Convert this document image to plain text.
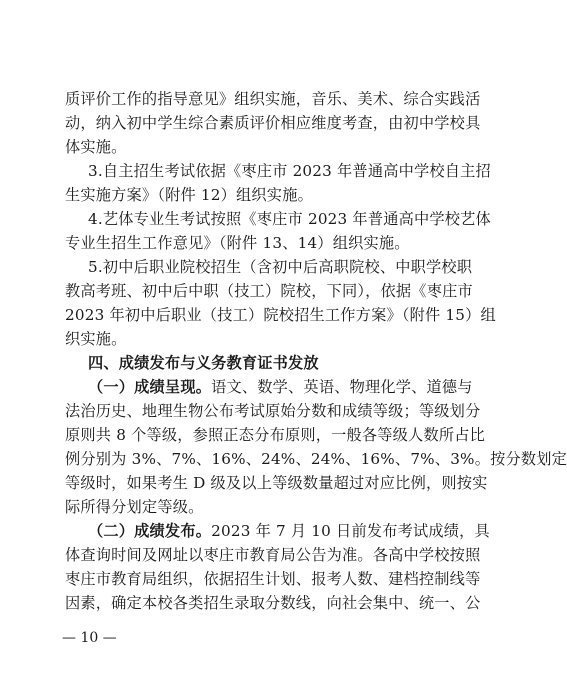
质评价工作的指导意见》组织实施，音乐、美术、综合实践活
动，纳入初中学生综合素质评价相应维度考查，由初中学校具
体实施。
3.自主招生考试依据《枣庄市 2023 年普通高中学校自主招
生实施方案》（附件 12）组织实施。
4.艺体专业生考试按照《枣庄市 2023 年普通高中学校艺体
专业生招生工作意见》（附件 13、14）组织实施。
5.初中后职业院校招生（含初中后高职院校、中职学校职
教高考班、初中后中职（技工）院校，下同），依据《枣庄市
2023 年初中后职业（技工）院校招生工作方案》（附件 15）组
织实施。
四、成绩发布与义务教育证书发放
（一）成绩呈现。语文、数学、英语、物理化学、道德与
法治历史、地理生物公布考试原始分数和成绩等级；等级划分
原则共 8 个等级，参照正态分布原则，一般各等级人数所占比
例分别为 3%、7%、16%、24%、24%、16%、7%、3%。按分数划定
等级时，如果考生 D 级及以上等级数量超过对应比例，则按实
际所得分划定等级。
（二）成绩发布。2023 年 7 月 10 日前发布考试成绩，具
体查询时间及网址以枣庄市教育局公告为准。各高中学校按照
枣庄市教育局组织，依据招生计划、报考人数、建档控制线等
因素，确定本校各类招生录取分数线，向社会集中、统一、公
— 10 —
